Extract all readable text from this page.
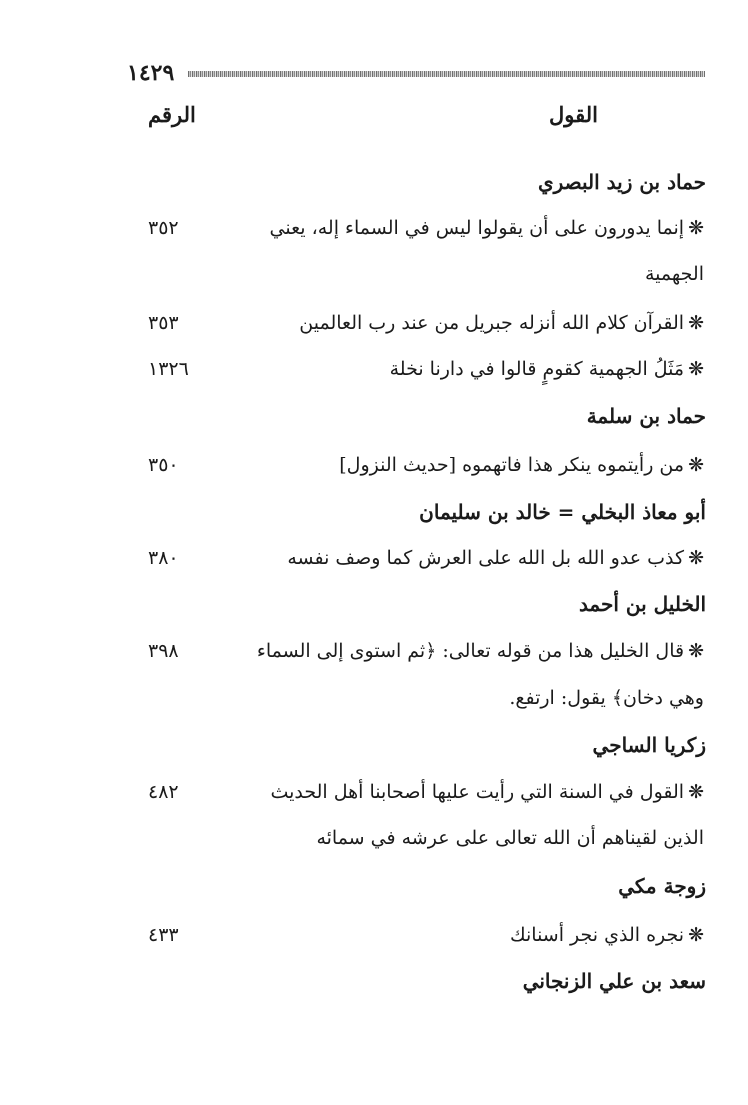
١٤٢٩
الرقم	القول
حماد بن زيد البصري
❋إنما يدورون على أن يقولوا ليس في السماء إله، يعني
٣٥٢
الجهمية
❋القرآن كلام الله أنزله جبريل من عند رب العالمين
٣٥٣
❋مَثَلُ الجهمية كقومٍ قالوا في دارنا نخلة
١٣٢٦
حماد بن سلمة
❋من رأيتموه ينكر هذا فاتهموه [حديث النزول]
٣٥٠
أبو معاذ البخلي = خالد بن سليمان
❋كذب عدو الله بل الله على العرش كما وصف نفسه
٣٨٠
الخليل بن أحمد
❋قال الخليل هذا من قوله تعالى: ﴿ثم استوى إلى السماء
٣٩٨
وهي دخان﴾ يقول: ارتفع.
زكريا الساجي
❋القول في السنة التي رأيت عليها أصحابنا أهل الحديث
٤٨٢
الذين لقيناهم أن الله تعالى على عرشه في سمائه
زوجة مكي
❋نجره الذي نجر أسنانك
٤٣٣
سعد بن علي الزنجاني
